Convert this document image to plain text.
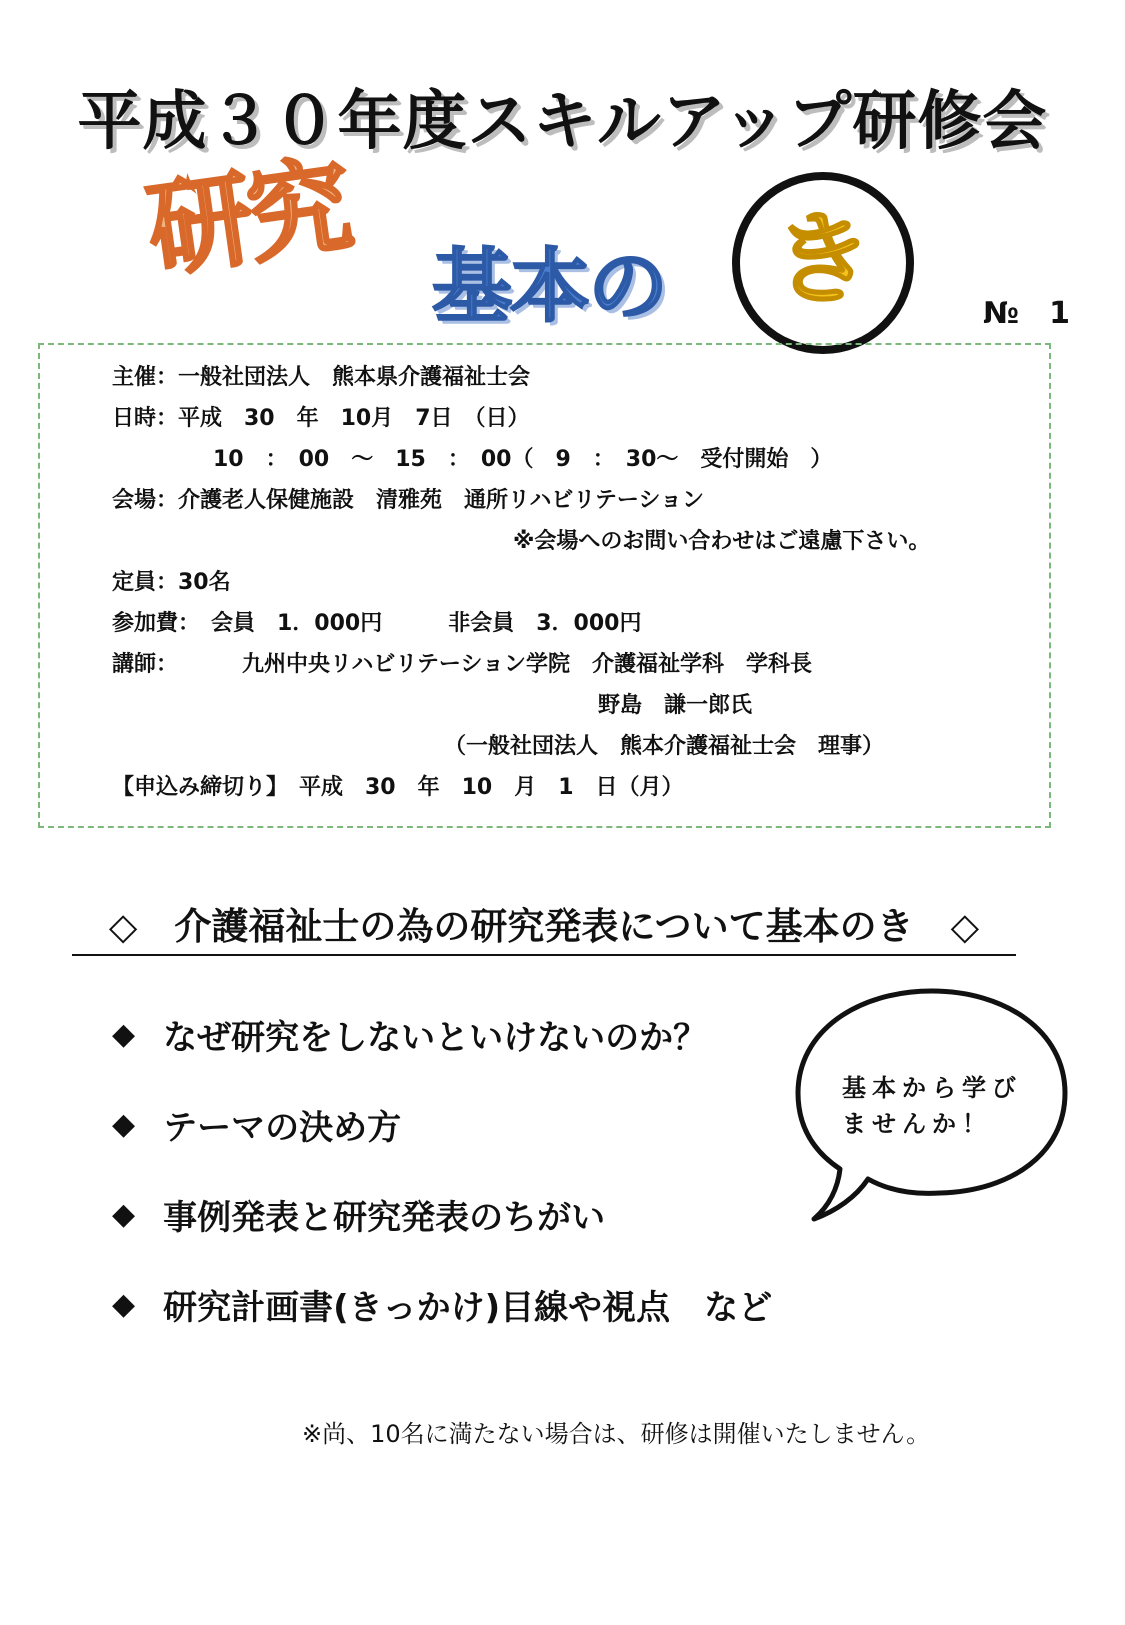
平成３０年度スキルアップ研修会
研究 基本の き	№　1
主催：一般社団法人　熊本県介護福祉士会
日時：平成　30　年　10月　7日　（日）
10　：　00　～　15　：　00（　9　：　30～　受付開始　）
会場：介護老人保健施設　清雅苑　通所リハビリテーション
※会場へのお問い合わせはご遠慮下さい。
定員：30名
参加費：　会員　1．000円　　　非会員　3．000円
講師：	九州中央リハビリテーション学院　介護福祉学科　学科長
野島　謙一郎氏
（一般社団法人　熊本介護福祉士会　理事）
【申込み締切り】　平成　30　年　10　月　1　日（月）
◇　介護福祉士の為の研究発表について基本のき　◇
◆ なぜ研究をしないといけないのか？
◆ テーマの決め方
◆ 事例発表と研究発表のちがい
◆ 研究計画書(きっかけ)目線や視点　など
基本から学び
ませんか！
※尚、10名に満たない場合は、研修は開催いたしません。
